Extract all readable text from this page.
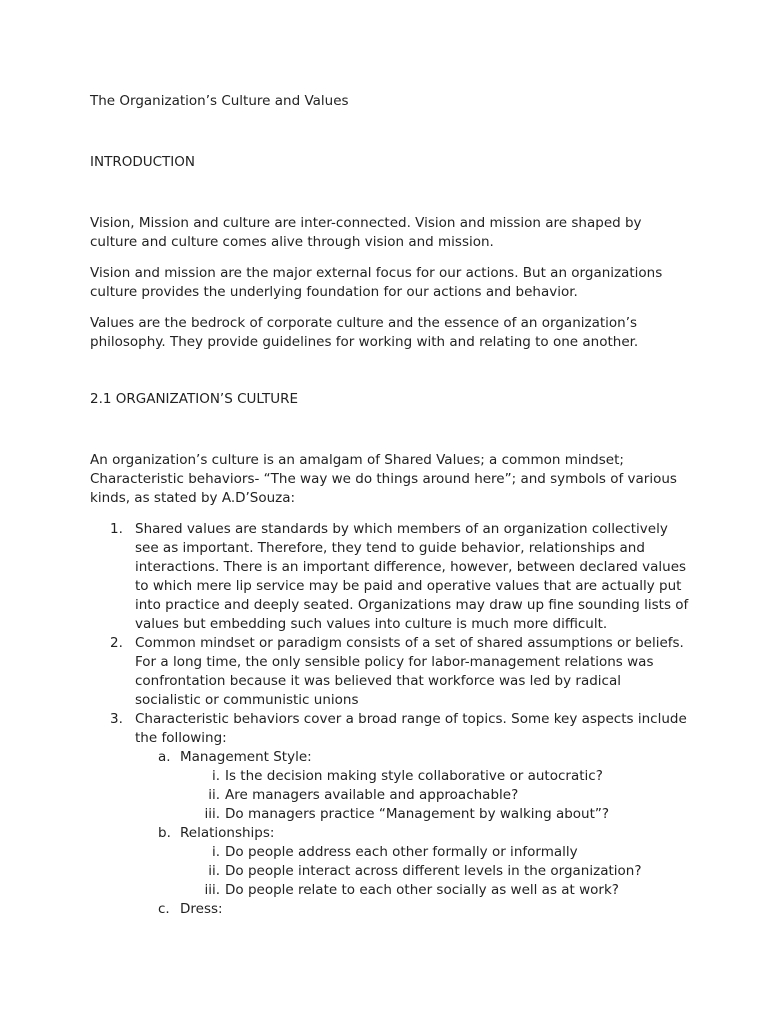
The Organization’s Culture and Values

INTRODUCTION

Vision, Mission and culture are inter-connected. Vision and mission are shaped by culture and culture comes alive through vision and mission.

Vision and mission are the major external focus for our actions. But an organizations culture provides the underlying foundation for our actions and behavior.

Values are the bedrock of corporate culture and the essence of an organization’s philosophy. They provide guidelines for working with and relating to one another.

2.1 ORGANIZATION’S CULTURE

An organization’s culture is an amalgam of Shared Values; a common mindset; Characteristic behaviors- “The way we do things around here”; and symbols of various kinds, as stated by A.D’Souza:

1. Shared values are standards by which members of an organization collectively see as important. Therefore, they tend to guide behavior, relationships and interactions. There is an important difference, however, between declared values to which mere lip service may be paid and operative values that are actually put into practice and deeply seated. Organizations may draw up fine sounding lists of values but embedding such values into culture is much more difficult.
2. Common mindset or paradigm consists of a set of shared assumptions or beliefs. For a long time, the only sensible policy for labor-management relations was confrontation because it was believed that workforce was led by radical socialistic or communistic unions
3. Characteristic behaviors cover a broad range of topics. Some key aspects include the following:
a. Management Style:
i. Is the decision making style collaborative or autocratic?
ii. Are managers available and approachable?
iii. Do managers practice “Management by walking about”?
b. Relationships:
i. Do people address each other formally or informally
ii. Do people interact across different levels in the organization?
iii. Do people relate to each other socially as well as at work?
c. Dress:
